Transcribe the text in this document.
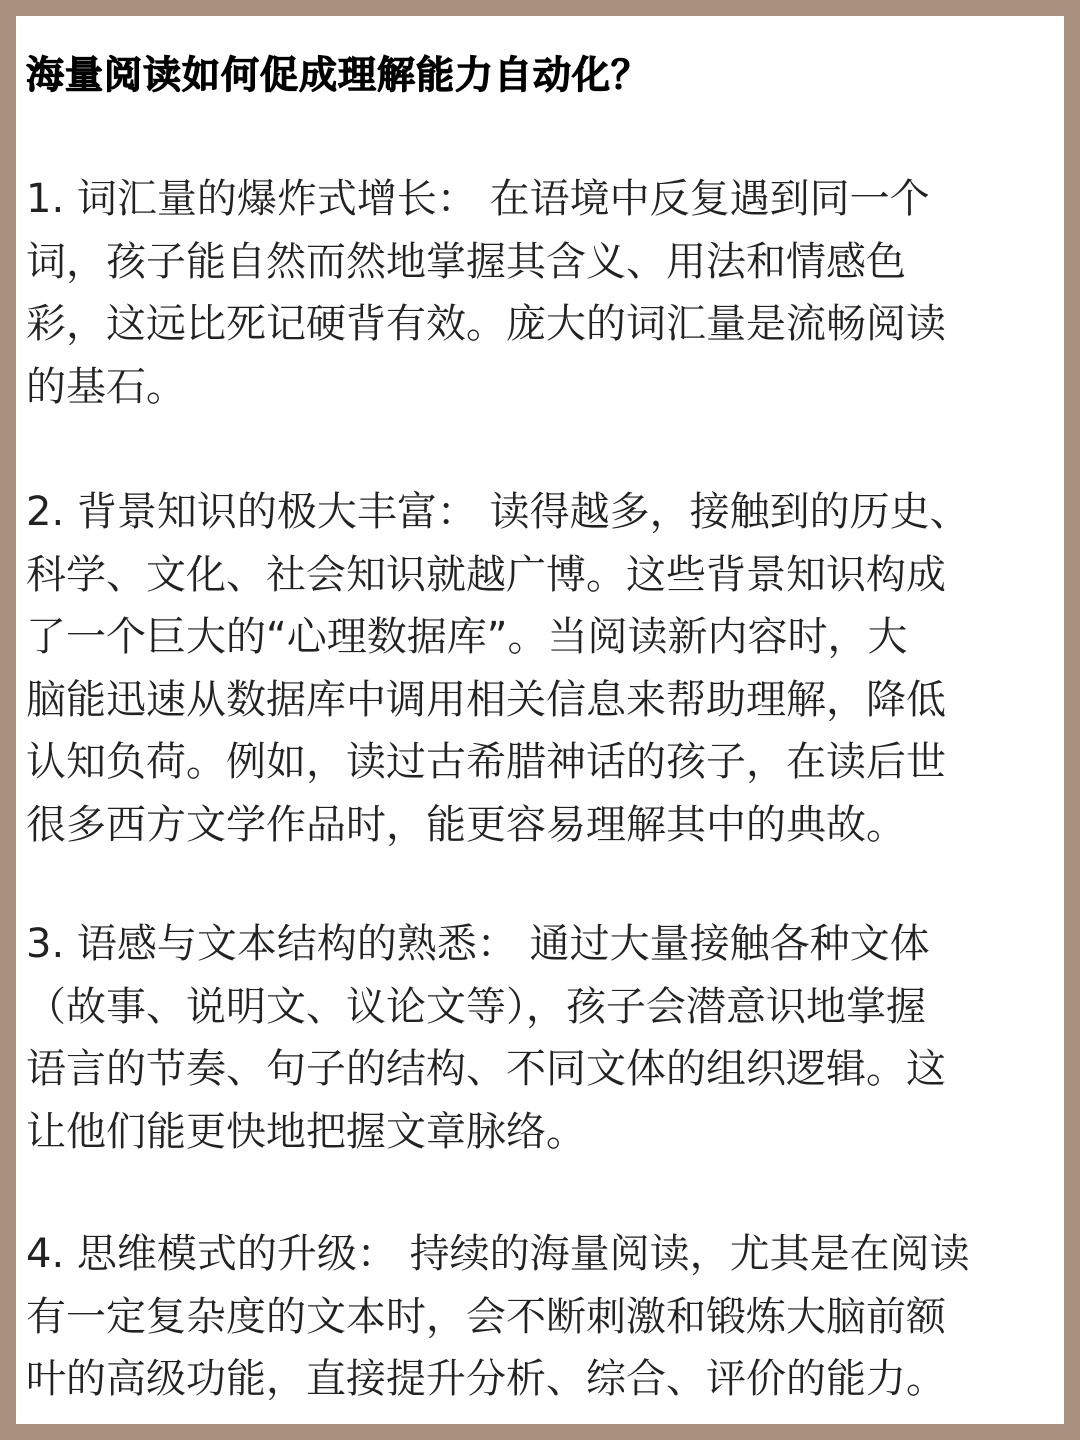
海量阅读如何促成理解能力自动化？
1. 词汇量的爆炸式增长： 在语境中反复遇到同一个
词，孩子能自然而然地掌握其含义、用法和情感色
彩，这远比死记硬背有效。庞大的词汇量是流畅阅读
的基石。
2. 背景知识的极大丰富： 读得越多，接触到的历史、
科学、文化、社会知识就越广博。这些背景知识构成
了一个巨大的“心理数据库”。当阅读新内容时，大
脑能迅速从数据库中调用相关信息来帮助理解，降低
认知负荷。例如，读过古希腊神话的孩子，在读后世
很多西方文学作品时，能更容易理解其中的典故。
3. 语感与文本结构的熟悉： 通过大量接触各种文体
（故事、说明文、议论文等），孩子会潜意识地掌握
语言的节奏、句子的结构、不同文体的组织逻辑。这
让他们能更快地把握文章脉络。
4. 思维模式的升级： 持续的海量阅读，尤其是在阅读
有一定复杂度的文本时，会不断刺激和锻炼大脑前额
叶的高级功能，直接提升分析、综合、评价的能力。
